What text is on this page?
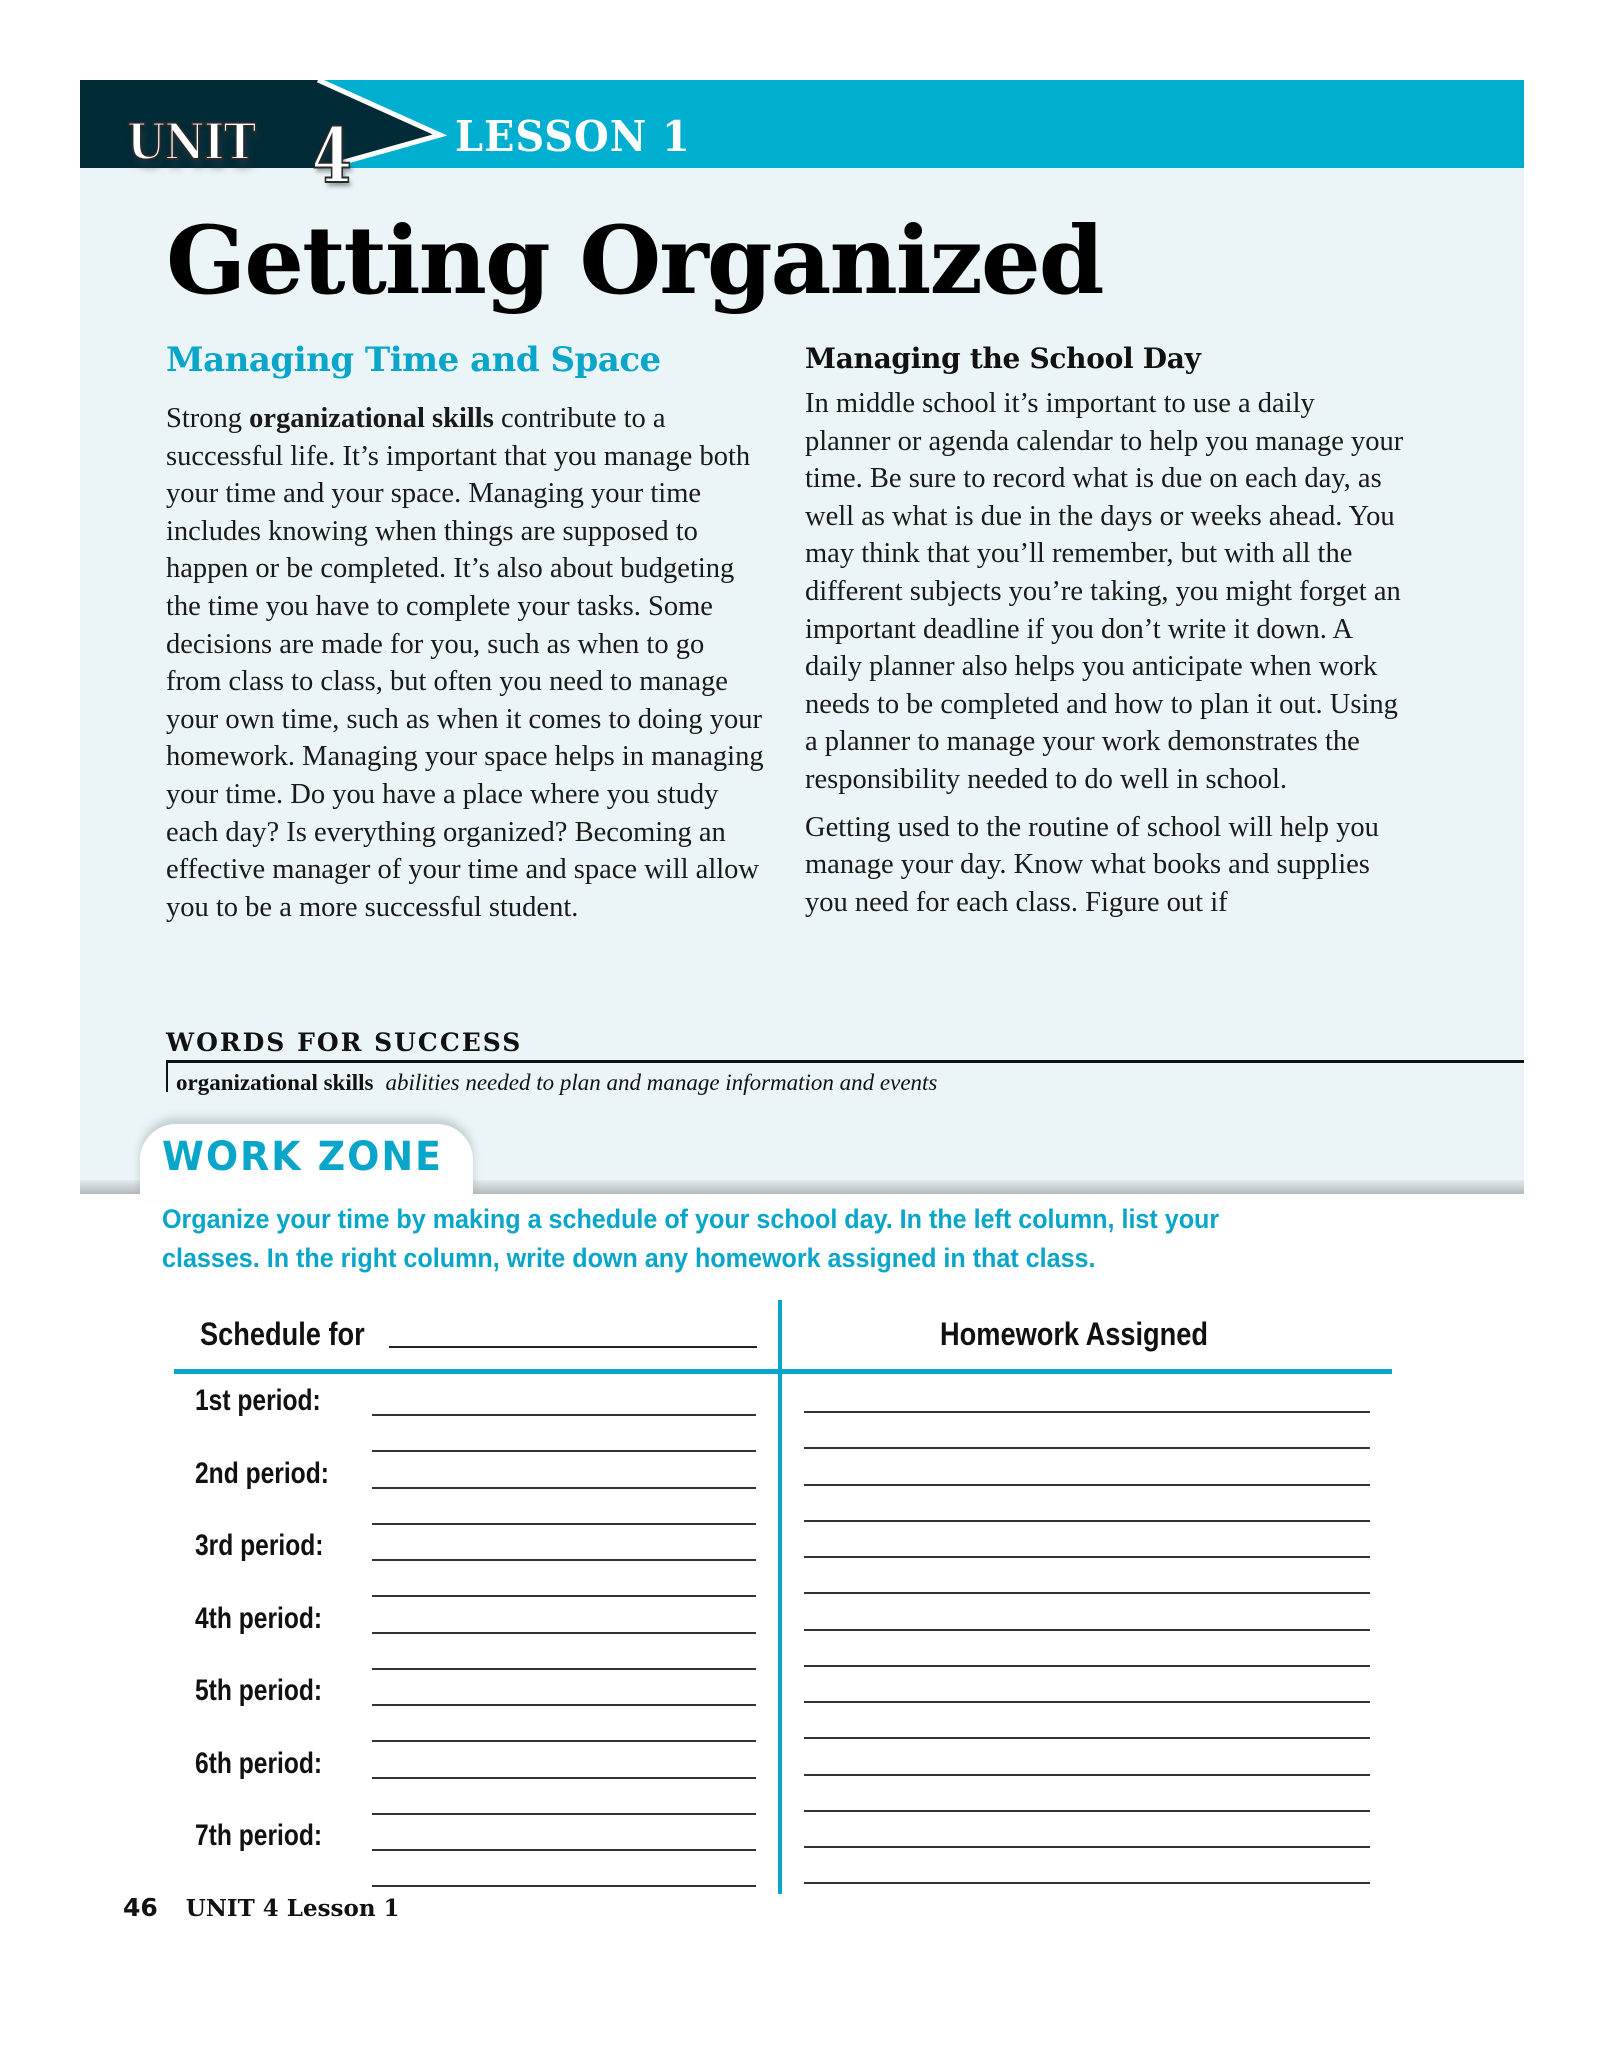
UNIT 4 LESSON 1
Getting Organized
Managing Time and Space	Managing the School Day

Strong organizational skills contribute to a successful life. It’s important that you manage both your time and your space. Managing your time includes knowing when things are supposed to happen or be completed. It’s also about budgeting the time you have to complete your tasks. Some decisions are made for you, such as when to go from class to class, but often you need to manage your own time, such as when it comes to doing your homework. Managing your space helps in managing your time. Do you have a place where you study each day? Is everything organized? Becoming an effective manager of your time and space will allow you to be a more successful student.

In middle school it’s important to use a daily planner or agenda calendar to help you manage your time. Be sure to record what is due on each day, as well as what is due in the days or weeks ahead. You may think that you’ll remember, but with all the different subjects you’re taking, you might forget an important deadline if you don’t write it down. A daily planner also helps you anticipate when work needs to be completed and how to plan it out. Using a planner to manage your work demonstrates the responsibility needed to do well in school.

Getting used to the routine of school will help you manage your day. Know what books and supplies you need for each class. Figure out if

WORDS FOR SUCCESS
organizational skills abilities needed to plan and manage information and events
WORK ZONE
Organize your time by making a schedule of your school day. In the left column, list your classes. In the right column, write down any homework assigned in that class.
Schedule for	Homework Assigned
1st period:
2nd period:
3rd period:
4th period:
5th period:
6th period:
7th period:
46 UNIT 4 Lesson 1
